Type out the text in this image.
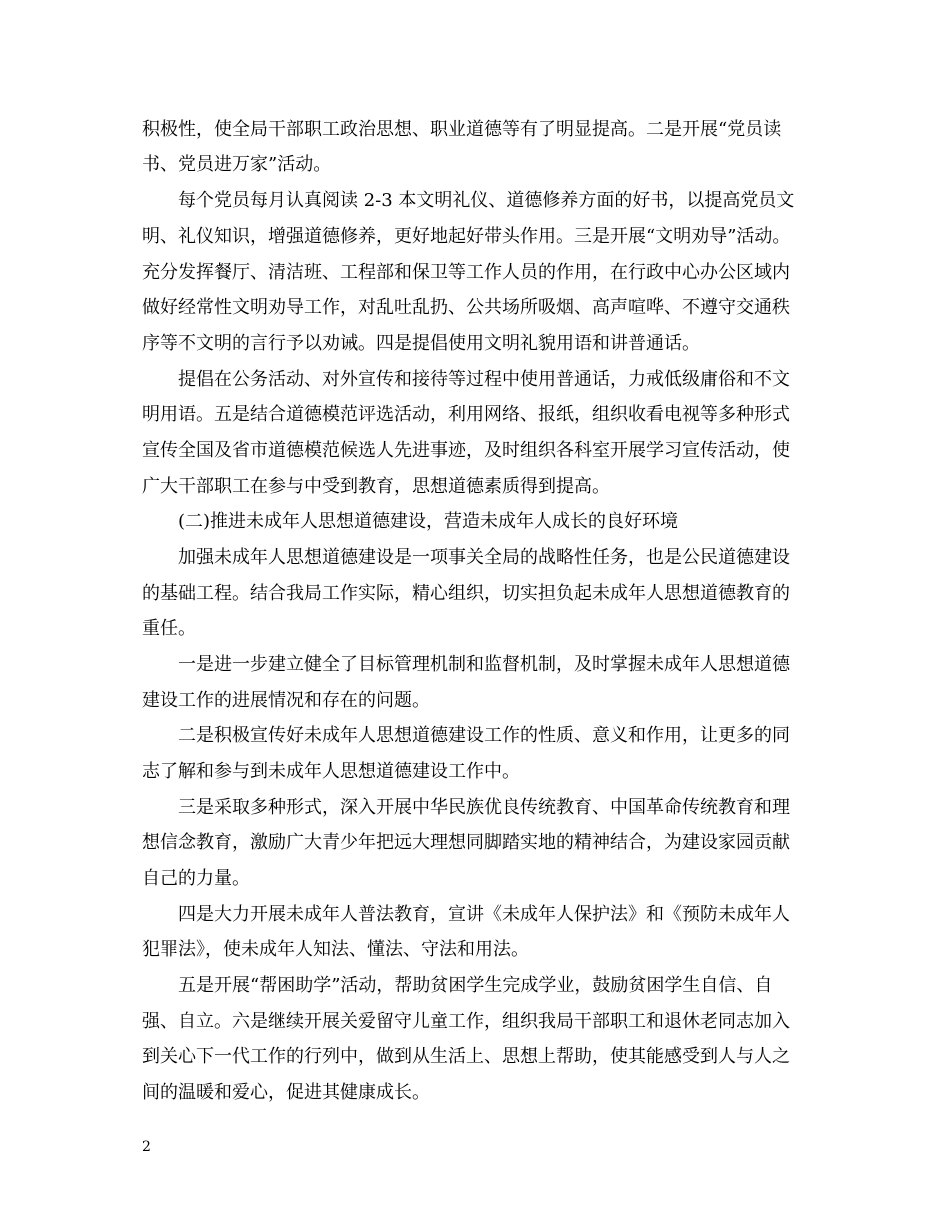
积极性，使全局干部职工政治思想、职业道德等有了明显提高。二是开展“党员读
书、党员进万家”活动。
每个党员每月认真阅读 2-3 本文明礼仪、道德修养方面的好书，以提高党员文
明、礼仪知识，增强道德修养，更好地起好带头作用。三是开展“文明劝导”活动。
充分发挥餐厅、清洁班、工程部和保卫等工作人员的作用，在行政中心办公区域内
做好经常性文明劝导工作，对乱吐乱扔、公共场所吸烟、高声喧哗、不遵守交通秩
序等不文明的言行予以劝诫。四是提倡使用文明礼貌用语和讲普通话。
提倡在公务活动、对外宣传和接待等过程中使用普通话，力戒低级庸俗和不文
明用语。五是结合道德模范评选活动，利用网络、报纸，组织收看电视等多种形式
宣传全国及省市道德模范候选人先进事迹，及时组织各科室开展学习宣传活动，使
广大干部职工在参与中受到教育，思想道德素质得到提高。
(二)推进未成年人思想道德建设，营造未成年人成长的良好环境
加强未成年人思想道德建设是一项事关全局的战略性任务，也是公民道德建设
的基础工程。结合我局工作实际，精心组织，切实担负起未成年人思想道德教育的
重任。
一是进一步建立健全了目标管理机制和监督机制，及时掌握未成年人思想道德
建设工作的进展情况和存在的问题。
二是积极宣传好未成年人思想道德建设工作的性质、意义和作用，让更多的同
志了解和参与到未成年人思想道德建设工作中。
三是采取多种形式，深入开展中华民族优良传统教育、中国革命传统教育和理
想信念教育，激励广大青少年把远大理想同脚踏实地的精神结合，为建设家园贡献
自己的力量。
四是大力开展未成年人普法教育，宣讲《未成年人保护法》和《预防未成年人
犯罪法》，使未成年人知法、懂法、守法和用法。
五是开展“帮困助学”活动，帮助贫困学生完成学业，鼓励贫困学生自信、自
强、自立。六是继续开展关爱留守儿童工作，组织我局干部职工和退休老同志加入
到关心下一代工作的行列中，做到从生活上、思想上帮助，使其能感受到人与人之
间的温暖和爱心，促进其健康成长。
2
